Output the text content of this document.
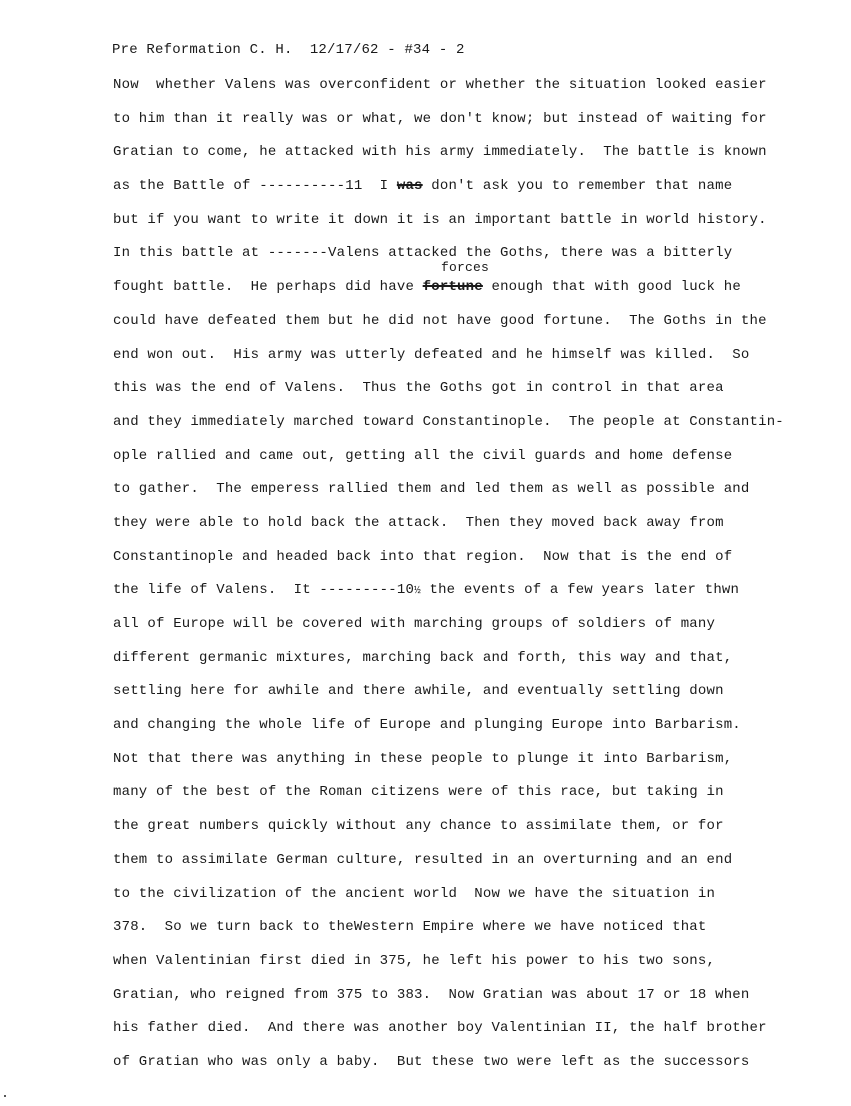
Pre Reformation C. H.  12/17/62 - #34 - 2
Now  whether Valens was overconfident or whether the situation looked easier
to him than it really was or what, we don't know; but instead of waiting for
Gratian to come, he attacked with his army immediately.  The battle is known
as the Battle of ----------11  I was don't ask you to remember that name
but if you want to write it down it is an important battle in world history.
In this battle at -------Valens attacked the Goths, there was a bitterly
fought battle.  He perhaps did have fortune enough that with good luck he
forces
could have defeated them but he did not have good fortune.  The Goths in the
end won out.  His army was utterly defeated and he himself was killed.  So
this was the end of Valens.  Thus the Goths got in control in that area
and they immediately marched toward Constantinople.  The people at Constantin-
ople rallied and came out, getting all the civil guards and home defense
to gather.  The emperess rallied them and led them as well as possible and
they were able to hold back the attack.  Then they moved back away from
Constantinople and headed back into that region.  Now that is the end of
the life of Valens.  It ---------10½ the events of a few years later thwn
all of Europe will be covered with marching groups of soldiers of many
different germanic mixtures, marching back and forth, this way and that,
settling here for awhile and there awhile, and eventually settling down
and changing the whole life of Europe and plunging Europe into Barbarism.
Not that there was anything in these people to plunge it into Barbarism,
many of the best of the Roman citizens were of this race, but taking in
the great numbers quickly without any chance to assimilate them, or for
them to assimilate German culture, resulted in an overturning and an end
to the civilization of the ancient world  Now we have the situation in
378.  So we turn back to theWestern Empire where we have noticed that
when Valentinian first died in 375, he left his power to his two sons,
Gratian, who reigned from 375 to 383.  Now Gratian was about 17 or 18 when
his father died.  And there was another boy Valentinian II, the half brother
of Gratian who was only a baby.  But these two were left as the successors
